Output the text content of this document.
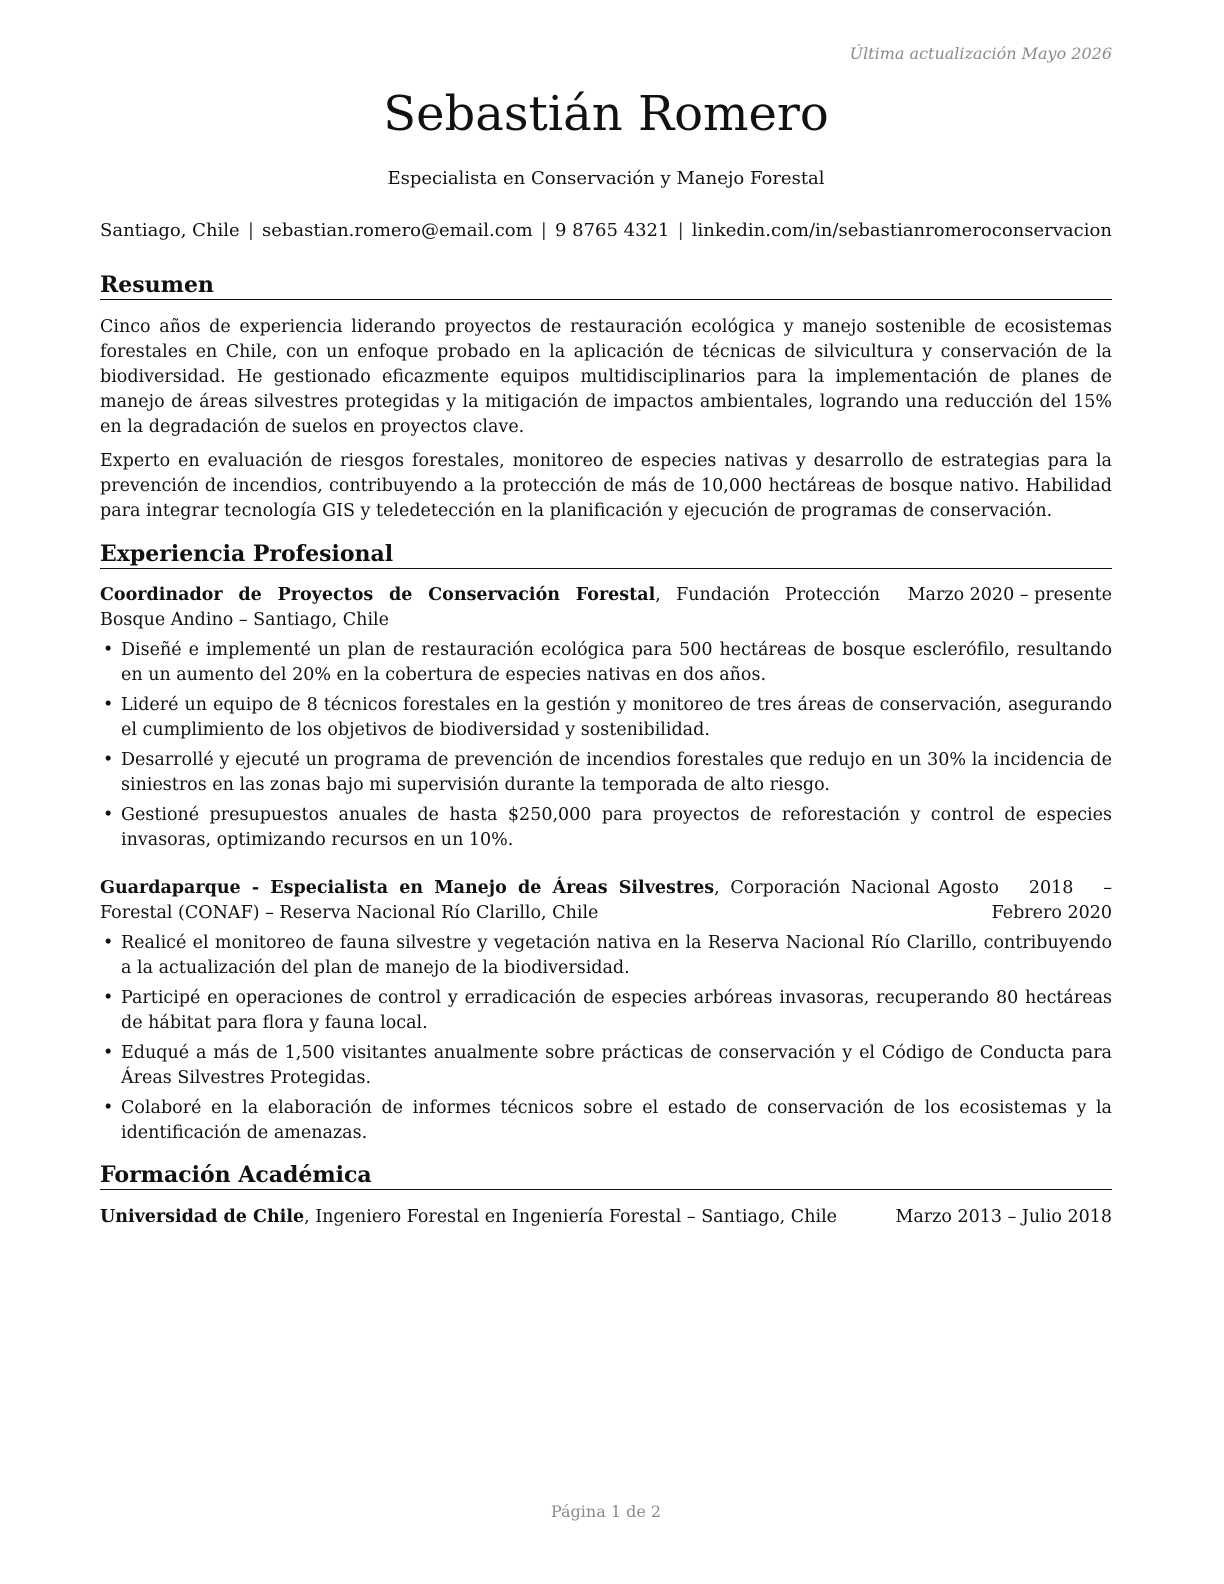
Última actualización Mayo 2026
Sebastián Romero
Especialista en Conservación y Manejo Forestal
Santiago, Chile | sebastian.romero@email.com | 9 8765 4321 | linkedin.com/in/sebastianromeroconservacion
Resumen

Cinco años de experiencia liderando proyectos de restauración ecológica y manejo sostenible de ecosistemas forestales en Chile, con un enfoque probado en la aplicación de técnicas de silvicultura y conservación de la biodiversidad. He gestionado eficazmente equipos multidisciplinarios para la implementación de planes de manejo de áreas silvestres protegidas y la mitigación de impactos ambientales, logrando una reducción del 15% en la degradación de suelos en proyectos clave.

Experto en evaluación de riesgos forestales, monitoreo de especies nativas y desarrollo de estrategias para la prevención de incendios, contribuyendo a la protección de más de 10,000 hectáreas de bosque nativo. Habilidad para integrar tecnología GIS y teledetección en la planificación y ejecución de programas de conservación.

Experiencia Profesional
Coordinador de Proyectos de Conservación Forestal, Fundación Protección Bosque Andino – Santiago, Chile
Marzo 2020 – presente
• Diseñé e implementé un plan de restauración ecológica para 500 hectáreas de bosque esclerófilo, resultando en un aumento del 20% en la cobertura de especies nativas en dos años.
• Lideré un equipo de 8 técnicos forestales en la gestión y monitoreo de tres áreas de conservación, asegurando el cumplimiento de los objetivos de biodiversidad y sostenibilidad.
• Desarrollé y ejecuté un programa de prevención de incendios forestales que redujo en un 30% la incidencia de siniestros en las zonas bajo mi supervisión durante la temporada de alto riesgo.
• Gestioné presupuestos anuales de hasta $250,000 para proyectos de reforestación y control de especies invasoras, optimizando recursos en un 10%.
Guardaparque - Especialista en Manejo de Áreas Silvestres, Corporación Nacional Forestal (CONAF) – Reserva Nacional Río Clarillo, Chile
Agosto 2018 – Febrero 2020
• Realicé el monitoreo de fauna silvestre y vegetación nativa en la Reserva Nacional Río Clarillo, contribuyendo a la actualización del plan de manejo de la biodiversidad.
• Participé en operaciones de control y erradicación de especies arbóreas invasoras, recuperando 80 hectáreas de hábitat para flora y fauna local.
• Eduqué a más de 1,500 visitantes anualmente sobre prácticas de conservación y el Código de Conducta para Áreas Silvestres Protegidas.
• Colaboré en la elaboración de informes técnicos sobre el estado de conservación de los ecosistemas y la identificación de amenazas.
Formación Académica
Universidad de Chile, Ingeniero Forestal en Ingeniería Forestal – Santiago, Chile	Marzo 2013 – Julio 2018
Página 1 de 2
